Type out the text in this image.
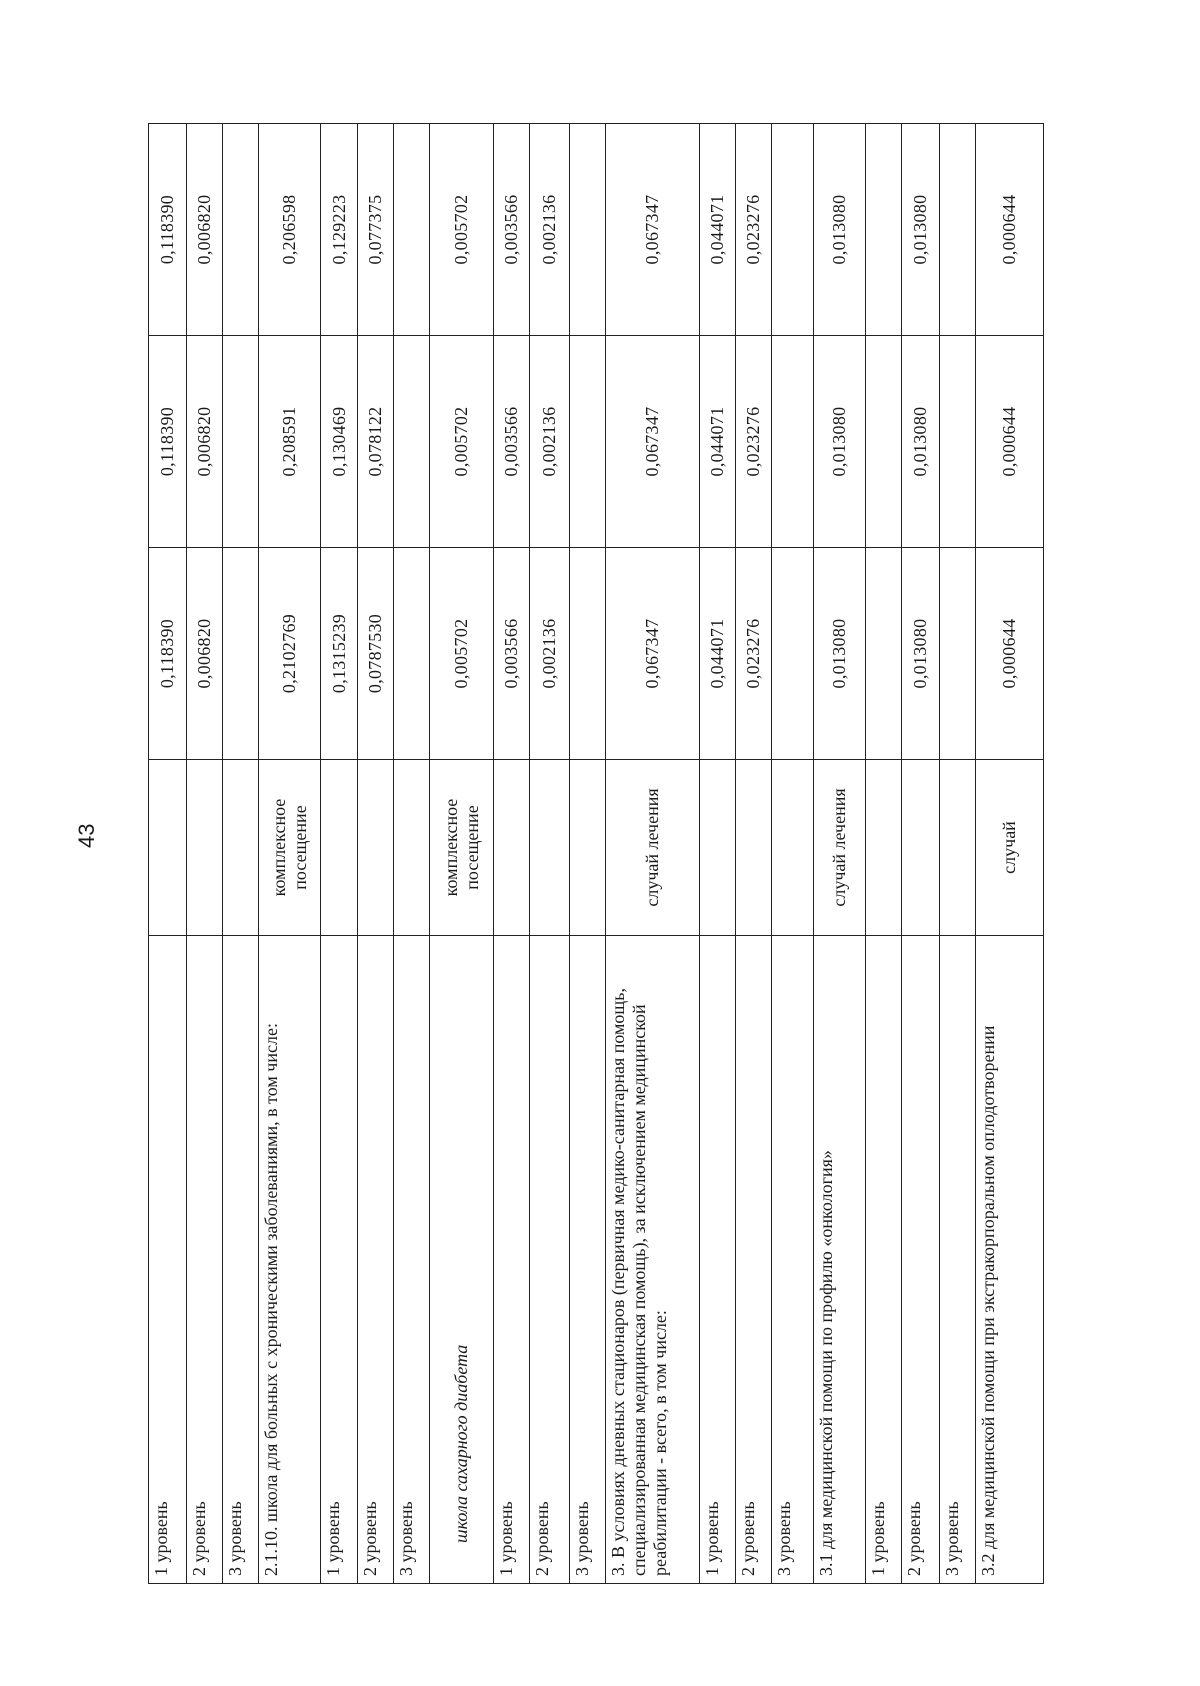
43
1 уровень		0,118390	0,118390	0,118390
2 уровень		0,006820	0,006820	0,006820
3 уровень				
2.1.10. школа для больных с хроническими заболеваниями, в том числе:	комплексное посещение	0,2102769	0,208591	0,206598
1 уровень		0,1315239	0,130469	0,129223
2 уровень		0,0787530	0,078122	0,077375
3 уровень				
школа сахарного диабета	комплексное посещение	0,005702	0,005702	0,005702
1 уровень		0,003566	0,003566	0,003566
2 уровень		0,002136	0,002136	0,002136
3 уровень				
3. В условиях дневных стационаров (первичная медико-санитарная помощь, специализированная медицинская помощь), за исключением медицинской реабилитации - всего, в том числе:	случай лечения	0,067347	0,067347	0,067347
1 уровень		0,044071	0,044071	0,044071
2 уровень		0,023276	0,023276	0,023276
3 уровень				
3.1 для медицинской помощи по профилю «онкология»	случай лечения	0,013080	0,013080	0,013080
1 уровень				
2 уровень		0,013080	0,013080	0,013080
3 уровень				
3.2 для медицинской помощи при экстракорпоральном оплодотворении	случай	0,000644	0,000644	0,000644
